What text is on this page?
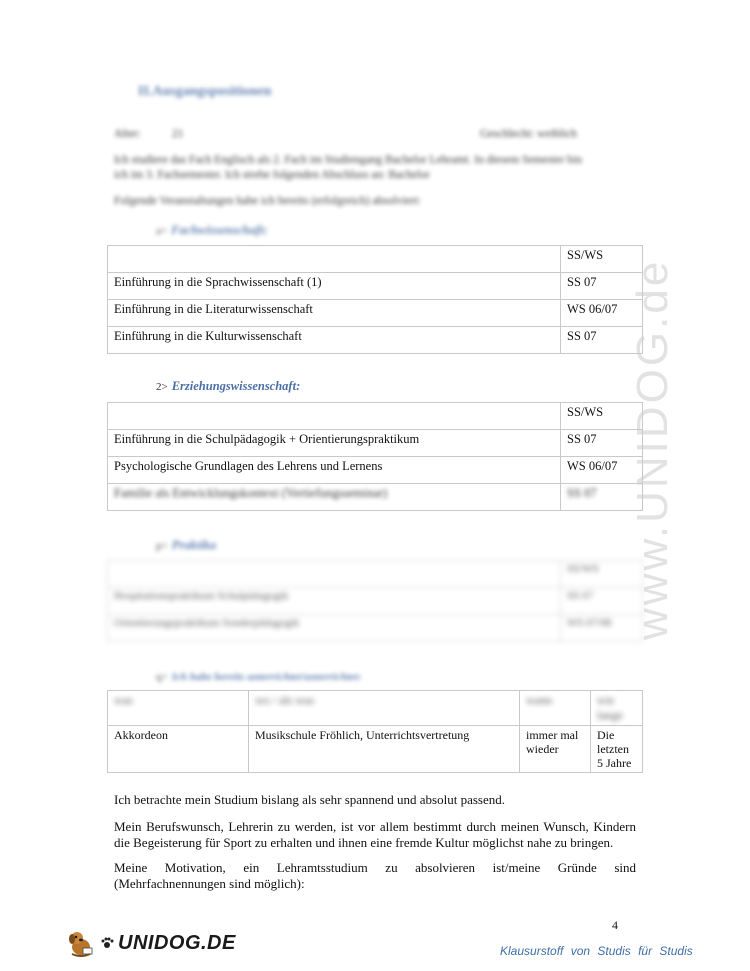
www.UNIDOG.de
II.Ausgangspositionen
Alter:	21	Geschlecht: weiblich
Ich studiere das Fach Englisch als 2. Fach im Studiengang Bachelor Lehramt. In diesem Semester bin
ich im 3. Fachsemester. Ich strebe folgenden Abschluss an: Bachelor
Folgende Veranstaltungen habe ich bereits (erfolgreich) absolviert:
a> Fachwissenschaft:
	SS/WS
Einführung in die Sprachwissenschaft (1)	SS 07
Einführung in die Literaturwissenschaft	WS 06/07
Einführung in die Kulturwissenschaft	SS 07
2> Erziehungswissenschaft:
	SS/WS
Einführung in die Schulpädagogik + Orientierungspraktikum	SS 07
Psychologische Grundlagen des Lehrens und Lernens	WS 06/07
Familie als Entwicklungskontext (Vertiefungsseminar)	SS 07
p> Praktika
	SS/WS
Hospitationspraktikum Schulpädagogik	SS 07
Orientierungspraktikum Sonderpädagogik	WS 07/08
q> Ich habe bereits unterrichtet/unterrichtet:
was	wo / als was	wann	wie lange
Akkordeon	Musikschule Fröhlich, Unterrichtsvertretung	immer mal wieder	Die letzten 5 Jahre
Ich betrachte mein Studium bislang als sehr spannend und absolut passend.
Mein Berufswunsch, Lehrerin zu werden, ist vor allem bestimmt durch meinen Wunsch, Kindern die Begeisterung für Sport zu erhalten und ihnen eine fremde Kultur möglichst nahe zu bringen.
Meine Motivation, ein Lehramtsstudium zu absolvieren ist/meine Gründe sind (Mehrfachnennungen sind möglich):
4
UNIDOG.DE	Klausurstoff von Studis für Studis
